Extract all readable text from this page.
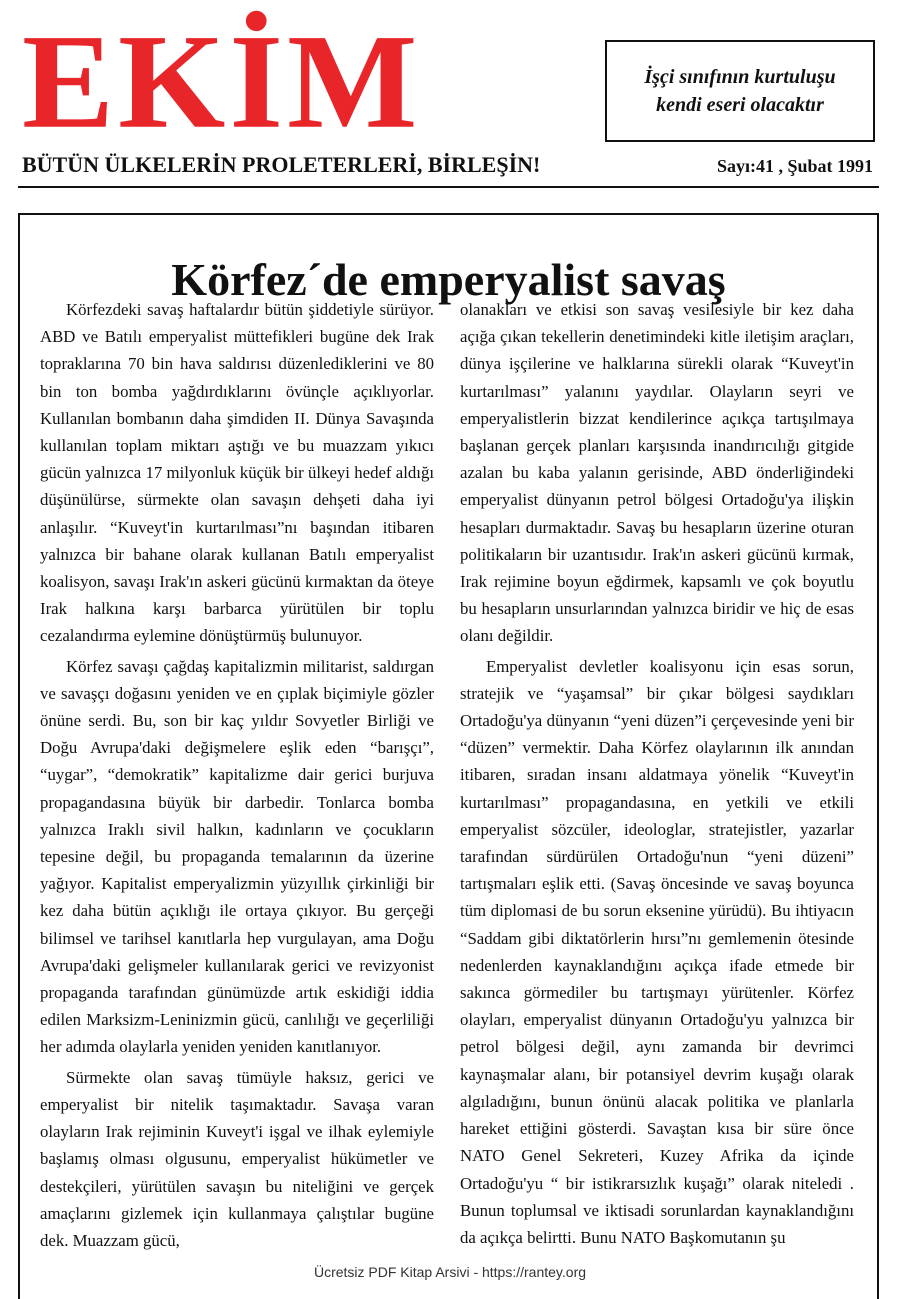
EKİM	İşçi sınıfının kurtuluşu
kendi eseri olacaktır
BÜTÜN ÜLKELERİN PROLETERLERİ, BİRLEŞİN!	Sayı:41 , Şubat 1991
Körfez´de emperyalist savaş

Körfezdeki savaş haftalardır bütün şiddetiyle sürüyor. ABD ve Batılı emperyalist müttefikleri bugüne dek Irak topraklarına 70 bin hava saldırısı düzenlediklerini ve 80 bin ton bomba yağdırdıklarını övünçle açıklıyorlar. Kullanılan bombanın daha şimdiden II. Dünya Savaşında kullanılan toplam miktarı aştığı ve bu muazzam yıkıcı gücün yalnızca 17 milyonluk küçük bir ülkeyi hedef aldığı düşünülürse, sürmekte olan savaşın dehşeti daha iyi anlaşılır. “Kuveyt'in kurtarılması”nı başından itibaren yalnızca bir bahane olarak kullanan Batılı emperyalist koalisyon, savaşı Irak'ın askeri gücünü kırmaktan da öteye Irak halkına karşı barbarca yürütülen bir toplu cezalandırma eylemine dönüştürmüş bulunuyor.

Körfez savaşı çağdaş kapitalizmin militarist, saldırgan ve savaşçı doğasını yeniden ve en çıplak biçimiyle gözler önüne serdi. Bu, son bir kaç yıldır Sovyetler Birliği ve Doğu Avrupa'daki değişmelere eşlik eden “barışçı”, “uygar”, “demokratik” kapitalizme dair gerici burjuva propagandasına büyük bir darbedir. Tonlarca bomba yalnızca Iraklı sivil halkın, kadınların ve çocukların tepesine değil, bu propaganda temalarının da üzerine yağıyor. Kapitalist emperyalizmin yüzyıllık çirkinliği bir kez daha bütün açıklığı ile ortaya çıkıyor. Bu gerçeği bilimsel ve tarihsel kanıtlarla hep vurgulayan, ama Doğu Avrupa'daki gelişmeler kullanılarak gerici ve revizyonist propaganda tarafından günümüzde artık eskidiği iddia edilen Marksizm-Leninizmin gücü, canlılığı ve geçerliliği her adımda olaylarla yeniden yeniden kanıtlanıyor.

Sürmekte olan savaş tümüyle haksız, gerici ve emperyalist bir nitelik taşımaktadır. Savaşa varan olayların Irak rejiminin Kuveyt'i işgal ve ilhak eylemiyle başlamış olması olgusunu, emperyalist hükümetler ve destekçileri, yürütülen savaşın bu niteliğini ve gerçek amaçlarını gizlemek için kullanmaya çalıştılar bugüne dek. Muazzam gücü,

olanakları ve etkisi son savaş vesilesiyle bir kez daha açığa çıkan tekellerin denetimindeki kitle iletişim araçları, dünya işçilerine ve halklarına sürekli olarak “Kuveyt'in kurtarılması” yalanını yaydılar. Olayların seyri ve emperyalistlerin bizzat kendilerince açıkça tartışılmaya başlanan gerçek planları karşısında inandırıcılığı gitgide azalan bu kaba yalanın gerisinde, ABD önderliğindeki emperyalist dünyanın petrol bölgesi Ortadoğu'ya ilişkin hesapları durmaktadır. Savaş bu hesapların üzerine oturan politikaların bir uzantısıdır. Irak'ın askeri gücünü kırmak, Irak rejimine boyun eğdirmek, kapsamlı ve çok boyutlu bu hesapların unsurlarından yalnızca biridir ve hiç de esas olanı değildir.

Emperyalist devletler koalisyonu için esas sorun, stratejik ve “yaşamsal” bir çıkar bölgesi saydıkları Ortadoğu'ya dünyanın “yeni düzen”i çerçevesinde yeni bir “düzen” vermektir. Daha Körfez olaylarının ilk anından itibaren, sıradan insanı aldatmaya yönelik “Kuveyt'in kurtarılması” propagandasına, en yetkili ve etkili emperyalist sözcüler, ideologlar, stratejistler, yazarlar tarafından sürdürülen Ortadoğu'nun “yeni düzeni” tartışmaları eşlik etti. (Savaş öncesinde ve savaş boyunca tüm diplomasi de bu sorun eksenine yürüdü). Bu ihtiyacın “Saddam gibi diktatörlerin hırsı”nı gemlemenin ötesinde nedenlerden kaynaklandığını açıkça ifade etmede bir sakınca görmediler bu tartışmayı yürütenler. Körfez olayları, emperyalist dünyanın Ortadoğu'yu yalnızca bir petrol bölgesi değil, aynı zamanda bir devrimci kaynaşmalar alanı, bir potansiyel devrim kuşağı olarak algıladığını, bunun önünü alacak politika ve planlarla hareket ettiğini gösterdi. Savaştan kısa bir süre önce NATO Genel Sekreteri, Kuzey Afrika da içinde Ortadoğu'yu “ bir istikrarsızlık kuşağı” olarak niteledi . Bunun toplumsal ve iktisadi sorunlardan kaynaklandığını da açıkça belirtti. Bunu NATO Başkomutanın şu

Ücretsiz PDF Kitap Arsivi - https://rantey.org
